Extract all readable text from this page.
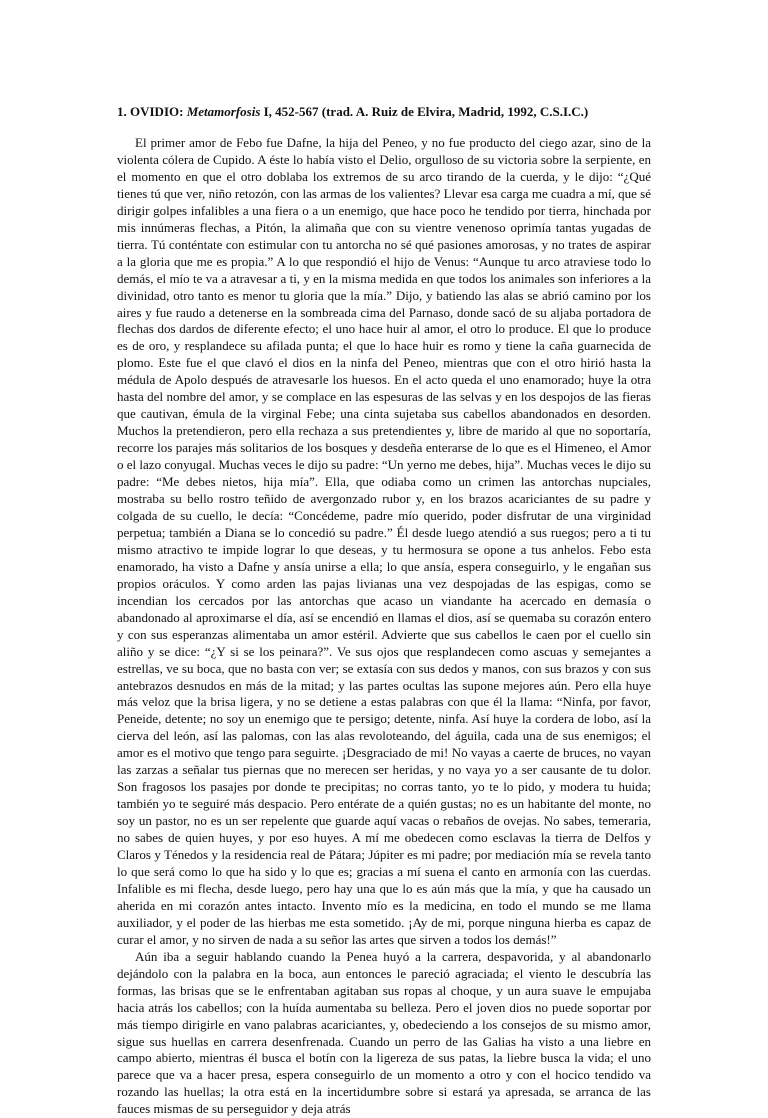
1. OVIDIO: Metamorfosis I, 452-567 (trad. A. Ruiz de Elvira, Madrid, 1992, C.S.I.C.)

El primer amor de Febo fue Dafne, la hija del Peneo, y no fue producto del ciego azar, sino de la violenta cólera de Cupido. A éste lo había visto el Delio, orgulloso de su victoria sobre la serpiente, en el momento en que el otro doblaba los extremos de su arco tirando de la cuerda, y le dijo: “¿Qué tienes tú que ver, niño retozón, con las armas de los valientes? Llevar esa carga me cuadra a mí, que sé dirigir golpes infalibles a una fiera o a un enemigo, que hace poco he tendido por tierra, hinchada por mis innúmeras flechas, a Pitón, la alimaña que con su vientre venenoso oprimía tantas yugadas de tierra. Tú conténtate con estimular con tu antorcha no sé qué pasiones amorosas, y no trates de aspirar a la gloria que me es propia.” A lo que respondió el hijo de Venus: “Aunque tu arco atraviese todo lo demás, el mío te va a atravesar a ti, y en la misma medida en que todos los animales son inferiores a la divinidad, otro tanto es menor tu gloria que la mía.” Dijo, y batiendo las alas se abrió camino por los aires y fue raudo a detenerse en la sombreada cima del Parnaso, donde sacó de su aljaba portadora de flechas dos dardos de diferente efecto; el uno hace huir al amor, el otro lo produce. El que lo produce es de oro, y resplandece su afilada punta; el que lo hace huir es romo y tiene la caña guarnecida de plomo. Este fue el que clavó el dios en la ninfa del Peneo, mientras que con el otro hirió hasta la médula de Apolo después de atravesarle los huesos. En el acto queda el uno enamorado; huye la otra hasta del nombre del amor, y se complace en las espesuras de las selvas y en los despojos de las fieras que cautivan, émula de la virginal Febe; una cinta sujetaba sus cabellos abandonados en desorden. Muchos la pretendieron, pero ella rechaza a sus pretendientes y, libre de marido al que no soportaría, recorre los parajes más solitarios de los bosques y desdeña enterarse de lo que es el Himeneo, el Amor o el lazo conyugal. Muchas veces le dijo su padre: “Un yerno me debes, hija”. Muchas veces le dijo su padre: “Me debes nietos, hija mía”. Ella, que odiaba como un crimen las antorchas nupciales, mostraba su bello rostro teñido de avergonzado rubor y, en los brazos acariciantes de su padre y colgada de su cuello, le decía: “Concédeme, padre mío querido, poder disfrutar de una virginidad perpetua; también a Diana se lo concedió su padre.” Él desde luego atendió a sus ruegos; pero a ti tu mismo atractivo te impide lograr lo que deseas, y tu hermosura se opone a tus anhelos. Febo esta enamorado, ha visto a Dafne y ansía unirse a ella; lo que ansía, espera conseguirlo, y le engañan sus propios oráculos. Y como arden las pajas livianas una vez despojadas de las espigas, como se incendian los cercados por las antorchas que acaso un viandante ha acercado en demasía o abandonado al aproximarse el día, así se encendió en llamas el dios, así se quemaba su corazón entero y con sus esperanzas alimentaba un amor estéril. Advierte que sus cabellos le caen por el cuello sin aliño y se dice: “¿Y si se los peinara?”. Ve sus ojos que resplandecen como ascuas y semejantes a estrellas, ve su boca, que no basta con ver; se extasía con sus dedos y manos, con sus brazos y con sus antebrazos desnudos en más de la mitad; y las partes ocultas las supone mejores aún. Pero ella huye más veloz que la brisa ligera, y no se detiene a estas palabras con que él la llama: “Ninfa, por favor, Peneide, detente; no soy un enemigo que te persigo; detente, ninfa. Así huye la cordera de lobo, así la cierva del león, así las palomas, con las alas revoloteando, del águila, cada una de sus enemigos; el amor es el motivo que tengo para seguirte. ¡Desgraciado de mi! No vayas a caerte de bruces, no vayan las zarzas a señalar tus piernas que no merecen ser heridas, y no vaya yo a ser causante de tu dolor. Son fragosos los pasajes por donde te precipitas; no corras tanto, yo te lo pido, y modera tu huida; también yo te seguiré más despacio. Pero entérate de a quién gustas; no es un habitante del monte, no soy un pastor, no es un ser repelente que guarde aquí vacas o rebaños de ovejas. No sabes, temeraria, no sabes de quien huyes, y por eso huyes. A mí me obedecen como esclavas la tierra de Delfos y Claros y Ténedos y la residencia real de Pátara; Júpiter es mi padre; por mediación mía se revela tanto lo que será como lo que ha sido y lo que es; gracias a mí suena el canto en armonía con las cuerdas. Infalible es mi flecha, desde luego, pero hay una que lo es aún más que la mía, y que ha causado un aherida en mi corazón antes intacto. Invento mío es la medicina, en todo el mundo se me llama auxiliador, y el poder de las hierbas me esta sometido. ¡Ay de mi, porque ninguna hierba es capaz de curar el amor, y no sirven de nada a su señor las artes que sirven a todos los demás!”

Aún iba a seguir hablando cuando la Penea huyó a la carrera, despavorida, y al abandonarlo dejándolo con la palabra en la boca, aun entonces le pareció agraciada; el viento le descubría las formas, las brisas que se le enfrentaban agitaban sus ropas al choque, y un aura suave le empujaba hacia atrás los cabellos; con la huída aumentaba su belleza. Pero el joven dios no puede soportar por más tiempo dirigirle en vano palabras acariciantes, y, obedeciendo a los consejos de su mismo amor, sigue sus huellas en carrera desenfrenada. Cuando un perro de las Galias ha visto a una liebre en campo abierto, mientras él busca el botín con la ligereza de sus patas, la liebre busca la vida; el uno parece que va a hacer presa, espera conseguirlo de un momento a otro y con el hocico tendido va rozando las huellas; la otra está en la incertidumbre sobre si estará ya apresada, se arranca de las fauces mismas de su perseguidor y deja atrás
